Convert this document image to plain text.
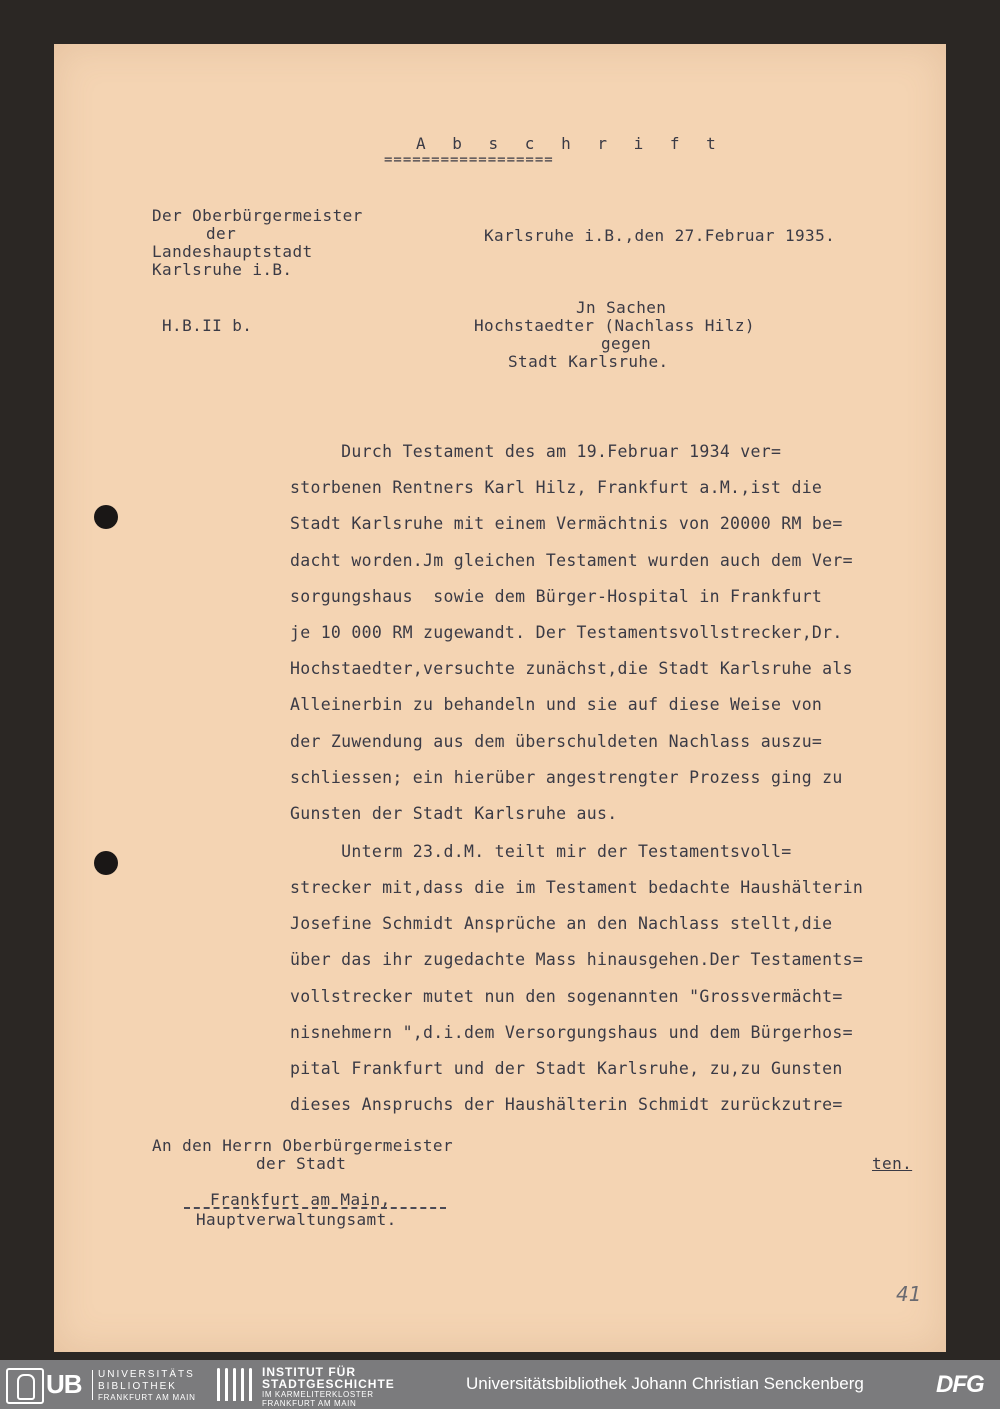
A b s c h r i f t
==================
Der Oberbürgermeister
der
Landeshauptstadt
Karlsruhe i.B.
Karlsruhe i.B.,den 27.Februar 1935.
H.B.II b.
Jn Sachen
Hochstaedter (Nachlass Hilz)
gegen
Stadt Karlsruhe.
Durch Testament des am 19.Februar 1934 ver=
storbenen Rentners Karl Hilz, Frankfurt a.M.,ist die
Stadt Karlsruhe mit einem Vermächtnis von 20000 RM be=
dacht worden.Jm gleichen Testament wurden auch dem Ver=
sorgungshaus  sowie dem Bürger-Hospital in Frankfurt
je 10 000 RM zugewandt. Der Testamentsvollstrecker,Dr.
Hochstaedter,versuchte zunächst,die Stadt Karlsruhe als
Alleinerbin zu behandeln und sie auf diese Weise von
der Zuwendung aus dem überschuldeten Nachlass auszu=
schliessen; ein hierüber angestrengter Prozess ging zu
Gunsten der Stadt Karlsruhe aus.
Unterm 23.d.M. teilt mir der Testamentsvoll=
strecker mit,dass die im Testament bedachte Haushälterin
Josefine Schmidt Ansprüche an den Nachlass stellt,die
über das ihr zugedachte Mass hinausgehen.Der Testaments=
vollstrecker mutet nun den sogenannten "Grossvermächt=
nisnehmern ",d.i.dem Versorgungshaus und dem Bürgerhos=
pital Frankfurt und der Stadt Karlsruhe, zu,zu Gunsten
dieses Anspruchs der Haushälterin Schmidt zurückzutre=
An den Herrn Oberbürgermeister
der Stadt	ten.
Frankfurt am Main,
Hauptverwaltungsamt.
41
UB UNIVERSITÄTS
BIBLIOTHEK
FRANKFURT AM MAIN
INSTITUT FÜR
STADTGESCHICHTE
IM KARMELITERKLOSTER
FRANKFURT AM MAIN
Universitätsbibliothek Johann Christian Senckenberg	DFG
